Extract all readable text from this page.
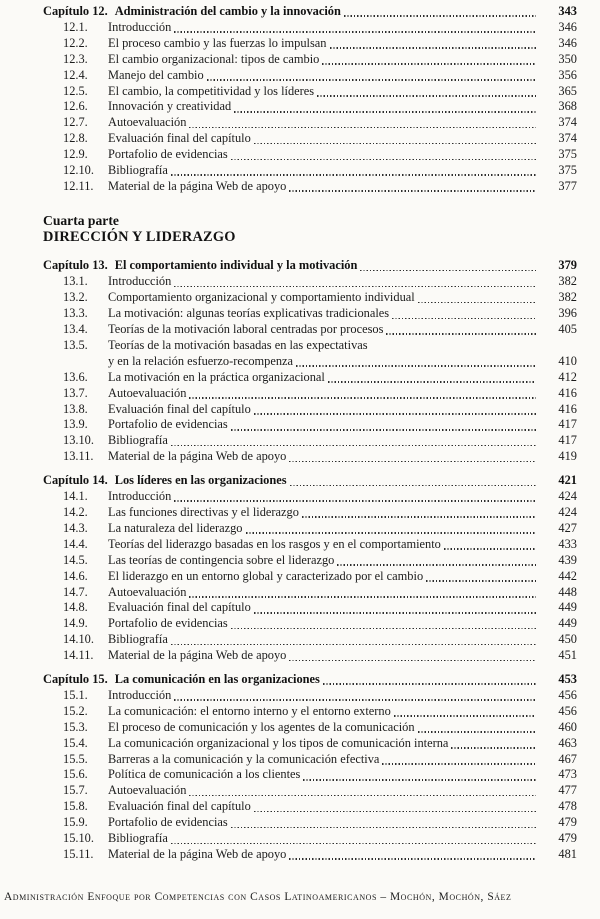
Capítulo 12. Administración del cambio y la innovación	343
12.1.	Introducción	346
12.2.	El proceso cambio y las fuerzas lo impulsan	346
12.3.	El cambio organizacional: tipos de cambio	350
12.4.	Manejo del cambio	356
12.5.	El cambio, la competitividad y los líderes	365
12.6.	Innovación y creatividad	368
12.7.	Autoevaluación	374
12.8.	Evaluación final del capítulo	374
12.9.	Portafolio de evidencias	375
12.10.	Bibliografía	375
12.11.	Material de la página Web de apoyo	377
Cuarta parte
DIRECCIÓN Y LIDERAZGO
Capítulo 13. El comportamiento individual y la motivación	379
13.1.	Introducción	382
13.2.	Comportamiento organizacional y comportamiento individual	382
13.3.	La motivación: algunas teorías explicativas tradicionales	396
13.4.	Teorías de la motivación laboral centradas por procesos	405
13.5.	Teorías de la motivación basadas en las expectativas
y en la relación esfuerzo-recompenza	410
13.6.	La motivación en la práctica organizacional	412
13.7.	Autoevaluación	416
13.8.	Evaluación final del capítulo	416
13.9.	Portafolio de evidencias	417
13.10.	Bibliografía	417
13.11.	Material de la página Web de apoyo	419
Capítulo 14. Los líderes en las organizaciones	421
14.1.	Introducción	424
14.2.	Las funciones directivas y el liderazgo	424
14.3.	La naturaleza del liderazgo	427
14.4.	Teorías del liderazgo basadas en los rasgos y en el comportamiento	433
14.5.	Las teorías de contingencia sobre el liderazgo	439
14.6.	El liderazgo en un entorno global y caracterizado por el cambio	442
14.7.	Autoevaluación	448
14.8.	Evaluación final del capítulo	449
14.9.	Portafolio de evidencias	449
14.10.	Bibliografía	450
14.11.	Material de la página Web de apoyo	451
Capítulo 15. La comunicación en las organizaciones	453
15.1.	Introducción	456
15.2.	La comunicación: el entorno interno y el entorno externo	456
15.3.	El proceso de comunicación y los agentes de la comunicación	460
15.4.	La comunicación organizacional y los tipos de comunicación interna	463
15.5.	Barreras a la comunicación y la comunicación efectiva	467
15.6.	Política de comunicación a los clientes	473
15.7.	Autoevaluación	477
15.8.	Evaluación final del capítulo	478
15.9.	Portafolio de evidencias	479
15.10.	Bibliografía	479
15.11.	Material de la página Web de apoyo	481
Administración Enfoque por Competencias con Casos Latinoamericanos – Mochón, Mochón, Sáez
